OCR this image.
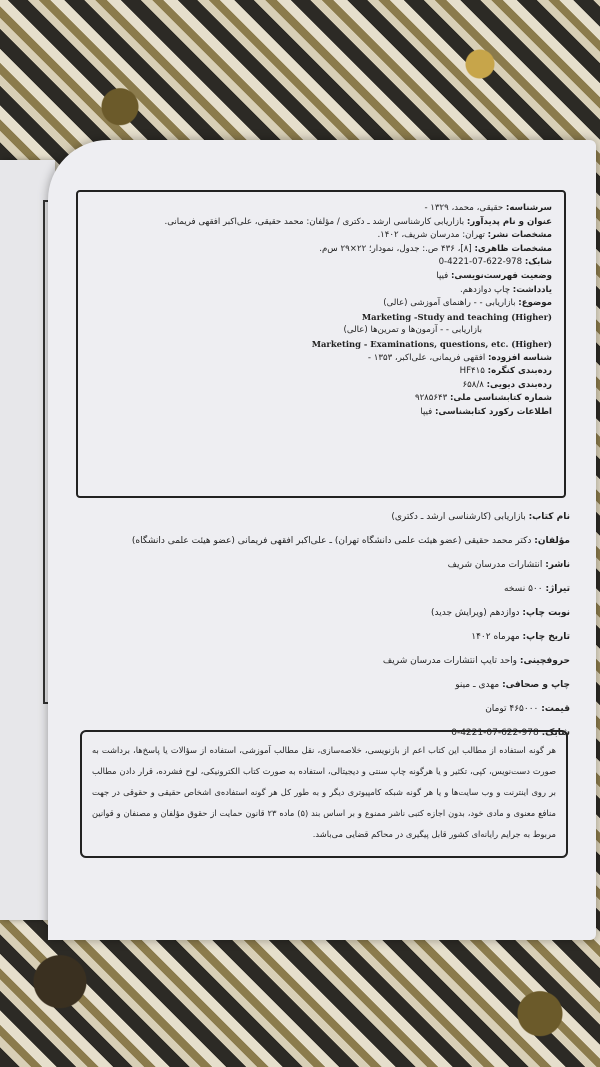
سرشناسه: حقیقی، محمد، ۱۳۲۹ -
عنوان و نام پدیدآور: بازاریابی کارشناسی ارشد ـ دکتری / مؤلفان: محمد حقیقی، علی‌اکبر افقهی فریمانی.
مشخصات نشر: تهران: مدرسان شریف، ۱۴۰۲.
مشخصات ظاهری: [۸]، ۴۳۶ ص.: جدول، نمودار؛ ۲۲×۲۹ س‌م.
شابک: 978-622-07-4221-0
وضعیت فهرست‌نویسی: فیپا
یادداشت: چاپ دوازدهم.
موضوع: بازاریابی - - راهنمای آموزشی (عالی)
Marketing -Study and teaching (Higher)
بازاریابی - - آزمون‌ها و تمرین‌ها (عالی)
Marketing - Examinations, questions, etc. (Higher)
شناسه افزوده: افقهی فریمانی، علی‌اکبر، ۱۳۵۳ -
رده‌بندی کنگره: HF۴۱۵
رده‌بندی دیویی: ۶۵۸/۸
شماره کتابشناسی ملی: ۹۲۸۵۶۴۳
اطلاعات رکورد کتابشناسی: فیپا
نام کتاب: بازاریابی (کارشناسی ارشد ـ دکتری)
مؤلفان: دکتر محمد حقیقی (عضو هیئت علمی دانشگاه تهران) ـ علی‌اکبر افقهی فریمانی (عضو هیئت علمی دانشگاه)
ناشر: انتشارات مدرسان شریف
تیراژ: ۵۰۰ نسخه
نوبت چاپ: دوازدهم (ویرایش جدید)
تاریخ چاپ: مهرماه ۱۴۰۲
حروفچینی: واحد تایپ انتشارات مدرسان شریف
چاپ و صحافی: مهدی ـ مینو
قیمت: ۴۶۵۰۰۰ تومان
شابک: 978-622-07-4221-0
هر گونه استفاده از مطالب این کتاب اعم از بازنویسی، خلاصه‌سازی، نقل مطالب آموزشی، استفاده از سؤالات یا پاسخ‌ها، برداشت به صورت دست‌نویس، کپی، تکثیر و یا هرگونه چاپ سنتی و دیجیتالی، استفاده به صورت کتاب الکترونیکی، لوح فشرده، قرار دادن مطالب بر روی اینترنت و وب سایت‌ها و یا هر گونه شبکه کامپیوتری دیگر و به طور کل هر گونه استفاده‌ی اشخاص حقیقی و حقوقی در جهت منافع معنوی و مادی خود، بدون اجازه کتبی ناشر ممنوع و بر اساس بند (۵) ماده ۲۳ قانون حمایت از حقوق مؤلفان و مصنفان و قوانین مربوط به جرایم رایانه‌ای کشور قابل پیگیری در محاکم قضایی می‌باشد.
